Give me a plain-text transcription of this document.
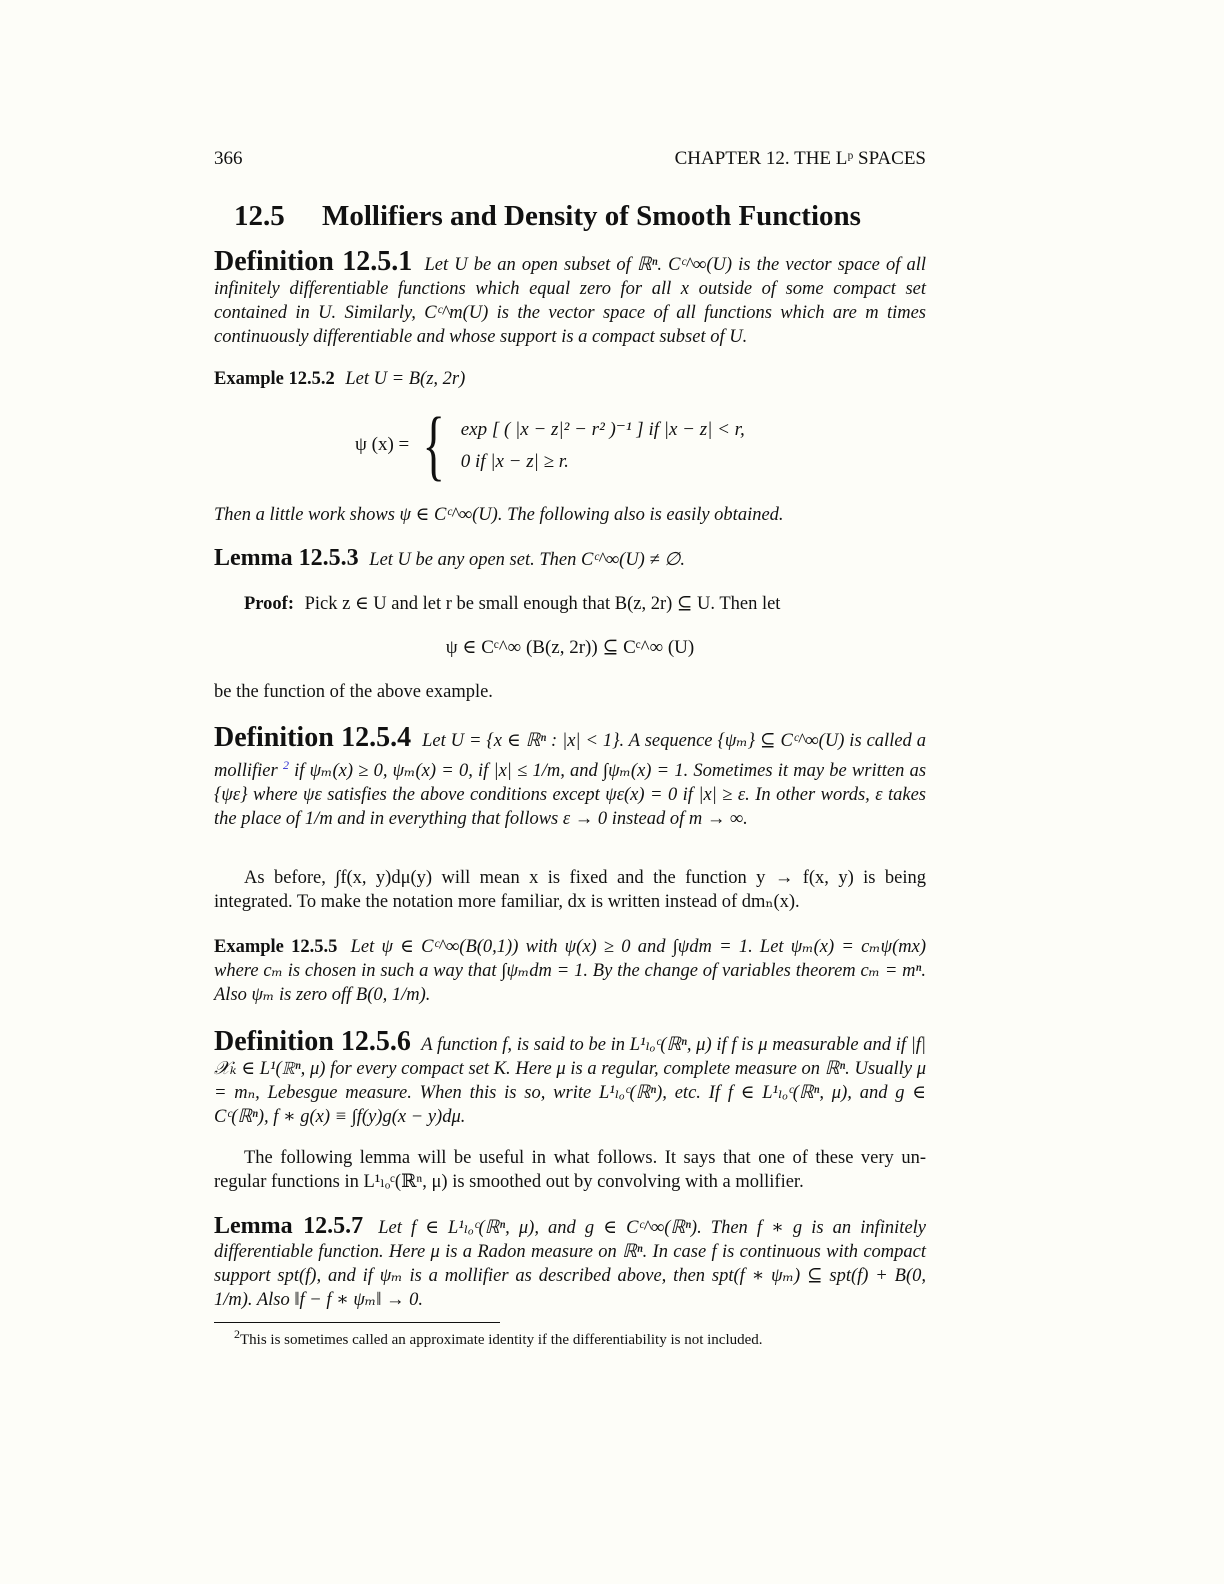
366	CHAPTER 12. THE Lᵖ SPACES
12.5 Mollifiers and Density of Smooth Functions
Definition 12.5.1 Let U be an open subset of ℝⁿ. Cᶜ^∞(U) is the vector space of all infinitely differentiable functions which equal zero for all x outside of some compact set contained in U. Similarly, Cᶜ^m(U) is the vector space of all functions which are m times continuously differentiable and whose support is a compact subset of U.
Example 12.5.2 Let U = B(z, 2r)
ψ (x) = { exp [ ( |x − z|² − r² )⁻¹ ] if |x − z| < r,
0 if |x − z| ≥ r.
Then a little work shows ψ ∈ Cᶜ^∞(U). The following also is easily obtained.
Lemma 12.5.3 Let U be any open set. Then Cᶜ^∞(U) ≠ ∅.
Proof: Pick z ∈ U and let r be small enough that B(z, 2r) ⊆ U. Then let
ψ ∈ Cᶜ^∞ (B(z, 2r)) ⊆ Cᶜ^∞ (U)
be the function of the above example.
Definition 12.5.4 Let U = {x ∈ ℝⁿ : |x| < 1}. A sequence {ψₘ} ⊆ Cᶜ^∞(U) is called a mollifier $^2$ if ψₘ(x) ≥ 0, ψₘ(x) = 0, if |x| ≤ 1/m, and ∫ψₘ(x) = 1. Sometimes it may be written as {ψε} where ψε satisfies the above conditions except ψε(x) = 0 if |x| ≥ ε. In other words, ε takes the place of 1/m and in everything that follows ε → 0 instead of m → ∞.
As before, ∫f(x, y)dμ(y) will mean x is fixed and the function y → f(x, y) is being integrated. To make the notation more familiar, dx is written instead of dmₙ(x).
Example 12.5.5 Let ψ ∈ Cᶜ^∞(B(0,1)) with ψ(x) ≥ 0 and ∫ψdm = 1. Let ψₘ(x) = cₘψ(mx) where cₘ is chosen in such a way that ∫ψₘdm = 1. By the change of variables theorem cₘ = mⁿ. Also ψₘ is zero off B(0, 1/m).
Definition 12.5.6 A function f, is said to be in L¹ₗₒᶜ(ℝⁿ, μ) if f is μ measurable and if |f|𝒳ₖ ∈ L¹(ℝⁿ, μ) for every compact set K. Here μ is a regular, complete measure on ℝⁿ. Usually μ = mₙ, Lebesgue measure. When this is so, write L¹ₗₒᶜ(ℝⁿ), etc. If f ∈ L¹ₗₒᶜ(ℝⁿ, μ), and g ∈ Cᶜ(ℝⁿ), f ∗ g(x) ≡ ∫f(y)g(x − y)dμ.
The following lemma will be useful in what follows. It says that one of these very un-regular functions in L¹ₗₒᶜ(ℝⁿ, μ) is smoothed out by convolving with a mollifier.
Lemma 12.5.7 Let f ∈ L¹ₗₒᶜ(ℝⁿ, μ), and g ∈ Cᶜ^∞(ℝⁿ). Then f ∗ g is an infinitely differentiable function. Here μ is a Radon measure on ℝⁿ. In case f is continuous with compact support spt(f), and if ψₘ is a mollifier as described above, then spt(f ∗ ψₘ) ⊆ spt(f) + B(0, 1/m). Also ‖f − f ∗ ψₘ‖ → 0.
$^2$This is sometimes called an approximate identity if the differentiability is not included.
